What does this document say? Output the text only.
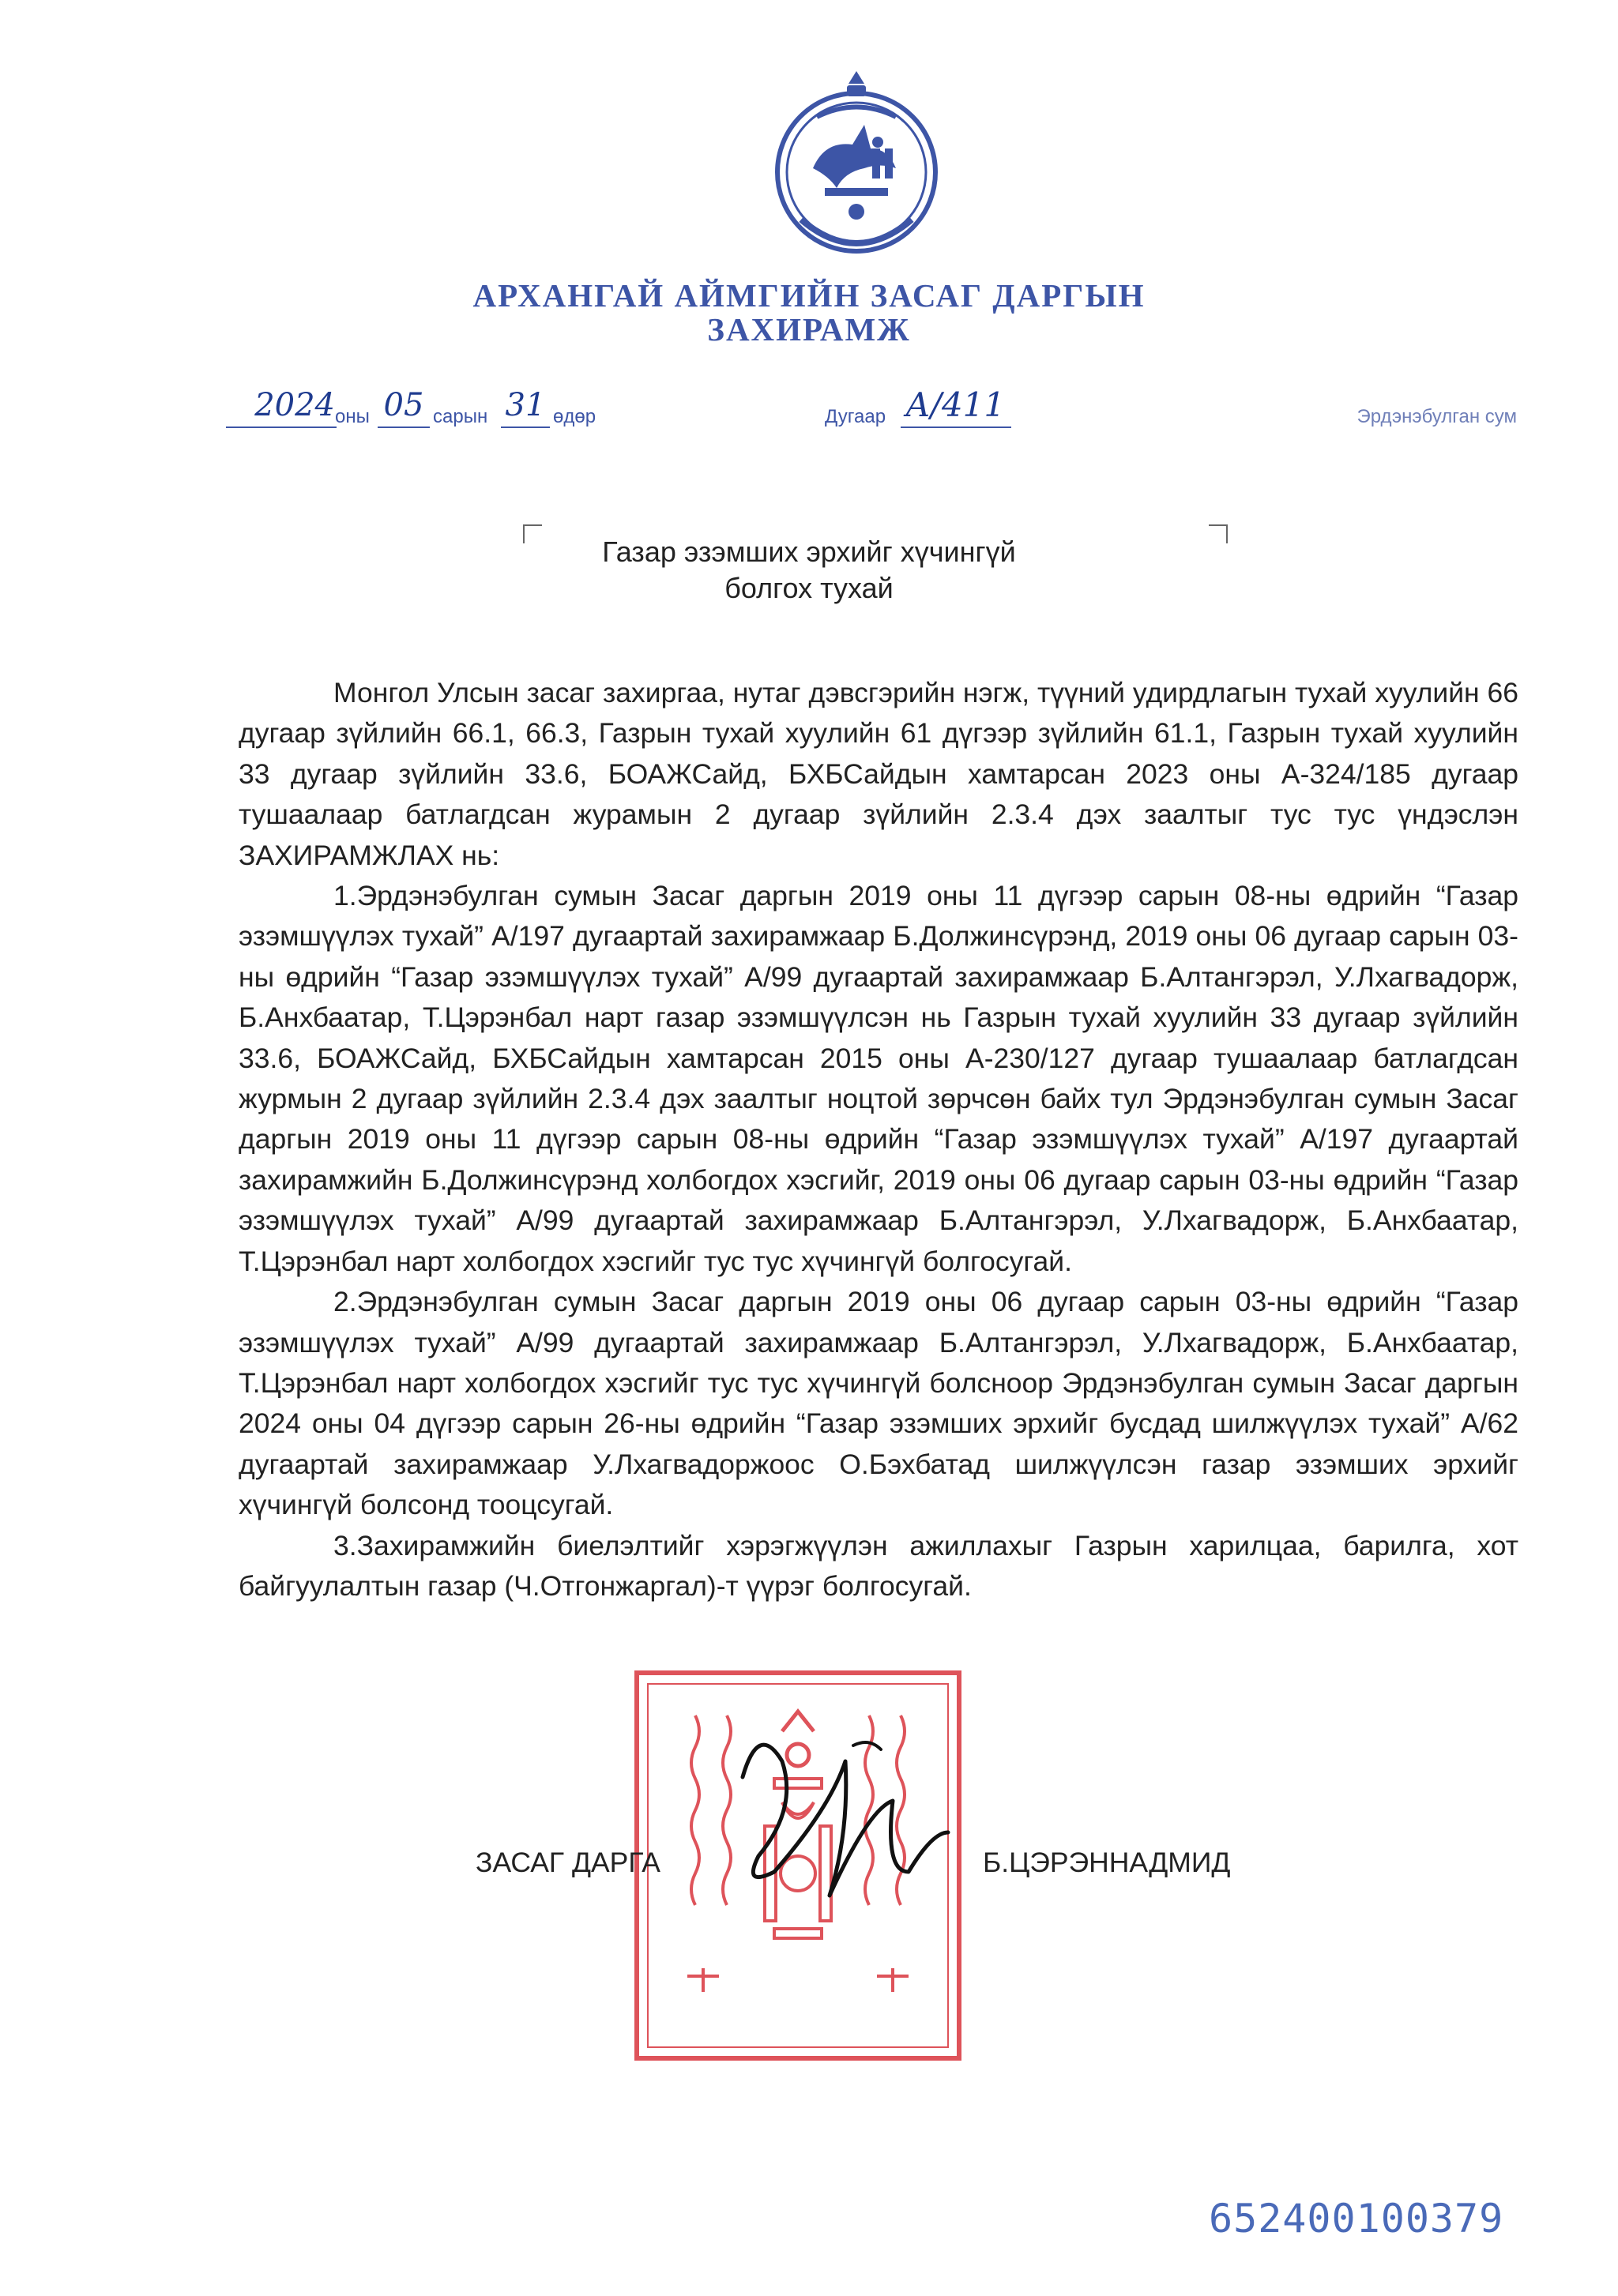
АРХАНГАЙ АЙМГИЙН ЗАСАГ ДАРГЫН
ЗАХИРАМЖ
2024 оны 05 сарын 31 өдөр	Дугаар А/411	Эрдэнэбулган сум
Газар эзэмших эрхийг хүчингүй
болгох тухай

Монгол Улсын засаг захиргаа, нутаг дэвсгэрийн нэгж, түүний удирдлагын тухай хуулийн 66 дугаар зүйлийн 66.1, 66.3, Газрын тухай хуулийн 61 дүгээр зүйлийн 61.1, Газрын тухай хуулийн 33 дугаар зүйлийн 33.6, БОАЖСайд, БХБСайдын хамтарсан 2023 оны А-324/185 дугаар тушаалаар батлагдсан журамын 2 дугаар зүйлийн 2.3.4 дэх заалтыг тус тус үндэслэн ЗАХИРАМЖЛАХ нь:

1.Эрдэнэбулган сумын Засаг даргын 2019 оны 11 дүгээр сарын 08-ны өдрийн “Газар эзэмшүүлэх тухай” А/197 дугаартай захирамжаар Б.Должинсүрэнд, 2019 оны 06 дугаар сарын 03-ны өдрийн “Газар эзэмшүүлэх тухай” А/99 дугаартай захирамжаар Б.Алтангэрэл, У.Лхагвадорж, Б.Анхбаатар, Т.Цэрэнбал нарт газар эзэмшүүлсэн нь Газрын тухай хуулийн 33 дугаар зүйлийн 33.6, БОАЖСайд, БХБСайдын хамтарсан 2015 оны А-230/127 дугаар тушаалаар батлагдсан журмын 2 дугаар зүйлийн 2.3.4 дэх заалтыг ноцтой зөрчсөн байх тул Эрдэнэбулган сумын Засаг даргын 2019 оны 11 дүгээр сарын 08-ны өдрийн “Газар эзэмшүүлэх тухай” А/197 дугаартай захирамжийн Б.Должинсүрэнд холбогдох хэсгийг, 2019 оны 06 дугаар сарын 03-ны өдрийн “Газар эзэмшүүлэх тухай” А/99 дугаартай захирамжаар Б.Алтангэрэл, У.Лхагвадорж, Б.Анхбаатар, Т.Цэрэнбал нарт холбогдох хэсгийг тус тус хүчингүй болгосугай.

2.Эрдэнэбулган сумын Засаг даргын 2019 оны 06 дугаар сарын 03-ны өдрийн “Газар эзэмшүүлэх тухай” А/99 дугаартай захирамжаар Б.Алтангэрэл, У.Лхагвадорж, Б.Анхбаатар, Т.Цэрэнбал нарт холбогдох хэсгийг тус тус хүчингүй болсноор Эрдэнэбулган сумын Засаг даргын 2024 оны 04 дүгээр сарын 26-ны өдрийн “Газар эзэмших эрхийг бусдад шилжүүлэх тухай” А/62 дугаартай захирамжаар У.Лхагвадоржоос О.Бэхбатад шилжүүлсэн газар эзэмших эрхийг хүчингүй болсонд тооцсугай.

3.Захирамжийн биелэлтийг хэрэгжүүлэн ажиллахыг Газрын харилцаа, барилга, хот байгуулалтын газар (Ч.Отгонжаргал)-т үүрэг болгосугай.

ЗАСАГ ДАРГА	Б.ЦЭРЭННАДМИД
652400100379
